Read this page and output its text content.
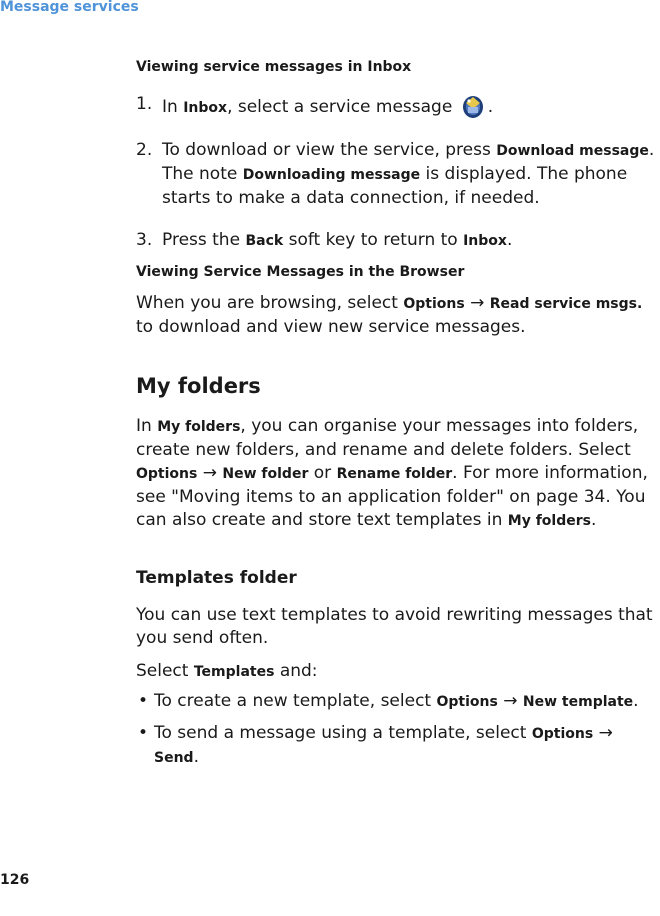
Message services
Viewing service messages in Inbox
1. In Inbox, select a service message .
2. To download or view the service, press Download message. The note Downloading message is displayed. The phone starts to make a data connection, if needed.
3. Press the Back soft key to return to Inbox.
Viewing Service Messages in the Browser

When you are browsing, select Options → Read service msgs. to download and view new service messages.

My folders

In My folders, you can organise your messages into folders, create new folders, and rename and delete folders. Select Options → New folder or Rename folder. For more information, see "Moving items to an application folder" on page 34. You can also create and store text templates in My folders.

Templates folder

You can use text templates to avoid rewriting messages that you send often.

Select Templates and:

• To create a new template, select Options → New template.
• To send a message using a template, select Options → Send.
126
